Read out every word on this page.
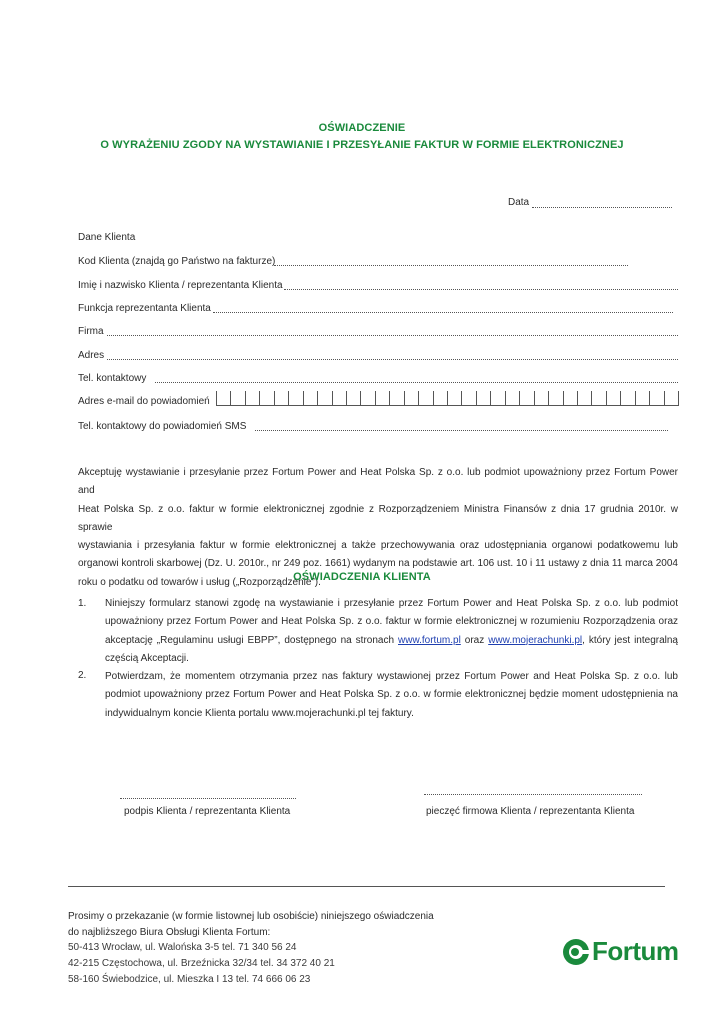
OŚWIADCZENIE
O WYRAŻENIU ZGODY NA WYSTAWIANIE I PRZESYŁANIE FAKTUR W FORMIE ELEKTRONICZNEJ
Data
Dane Klienta
Kod Klienta (znajdą go Państwo na fakturze)
Imię i nazwisko Klienta / reprezentanta Klienta
Funkcja reprezentanta Klienta
Firma
Adres
Tel. kontaktowy
Adres e-mail do powiadomień
Tel. kontaktowy do powiadomień SMS
Akceptuję wystawianie i przesyłanie przez Fortum Power and Heat Polska Sp. z o.o. lub podmiot upoważniony przez Fortum Power and
Heat Polska Sp. z o.o. faktur w formie elektronicznej zgodnie z Rozporządzeniem Ministra Finansów z dnia 17 grudnia 2010r. w sprawie
wystawiania i przesyłania faktur w formie elektronicznej a także przechowywania oraz udostępniania organowi podatkowemu lub
organowi kontroli skarbowej (Dz. U. 2010r., nr 249 poz. 1661) wydanym na podstawie art. 106 ust. 10 i 11 ustawy z dnia 11 marca 2004
roku o podatku od towarów i usług („Rozporządzenie”).
OŚWIADCZENIA KLIENTA
1. Niniejszy formularz stanowi zgodę na wystawianie i przesyłanie przez Fortum Power and Heat Polska Sp. z o.o. lub podmiot
upoważniony przez Fortum Power and Heat Polska Sp. z o.o. faktur w formie elektronicznej w rozumieniu Rozporządzenia oraz
akceptację „Regulaminu usługi EBPP”, dostępnego na stronach www.fortum.pl oraz www.mojerachunki.pl, który jest integralną
częścią Akceptacji.
2. Potwierdzam, że momentem otrzymania przez nas faktury wystawionej przez Fortum Power and Heat Polska Sp. z o.o. lub
podmiot upoważniony przez Fortum Power and Heat Polska Sp. z o.o. w formie elektronicznej będzie moment udostępnienia na
indywidualnym koncie Klienta portalu www.mojerachunki.pl tej faktury.
podpis Klienta / reprezentanta Klienta	pieczęć firmowa Klienta / reprezentanta Klienta
Prosimy o przekazanie (w formie listownej lub osobiście) niniejszego oświadczenia
do najbliższego Biura Obsługi Klienta Fortum:
50-413 Wrocław, ul. Walońska 3-5 tel. 71 340 56 24
42-215 Częstochowa, ul. Brzeźnicka 32/34 tel. 34 372 40 21
58-160 Świebodzice, ul. Mieszka I 13 tel. 74 666 06 23
Fortum
